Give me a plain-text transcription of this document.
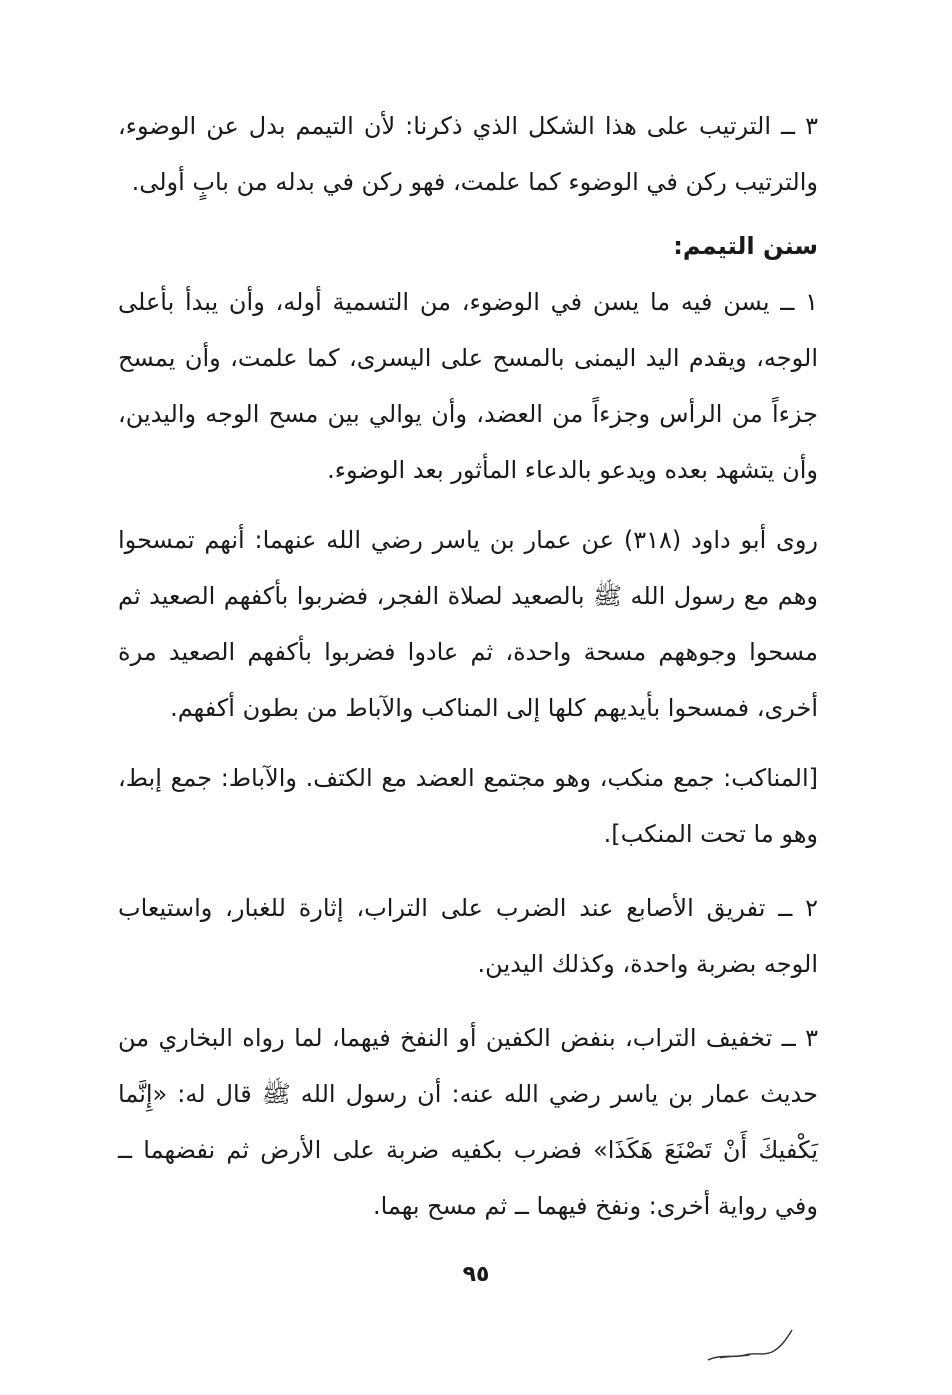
٣ ــ الترتيب على هذا الشكل الذي ذكرنا: لأن التيمم بدل عن الوضوء، والترتيب ركن في الوضوء كما علمت، فهو ركن في بدله من بابٍ أولى.

سنن التيمم:

١ ــ يسن فيه ما يسن في الوضوء، من التسمية أوله، وأن يبدأ بأعلى الوجه، ويقدم اليد اليمنى بالمسح على اليسرى، كما علمت، وأن يمسح جزءاً من الرأس وجزءاً من العضد، وأن يوالي بين مسح الوجه واليدين، وأن يتشهد بعده ويدعو بالدعاء المأثور بعد الوضوء.

روى أبو داود (٣١٨) عن عمار بن ياسر رضي الله عنهما: أنهم تمسحوا وهم مع رسول الله ﷺ بالصعيد لصلاة الفجر، فضربوا بأكفهم الصعيد ثم مسحوا وجوههم مسحة واحدة، ثم عادوا فضربوا بأكفهم الصعيد مرة أخرى، فمسحوا بأيديهم كلها إلى المناكب والآباط من بطون أكفهم.

[المناكب: جمع منكب، وهو مجتمع العضد مع الكتف. والآباط: جمع إبط، وهو ما تحت المنكب].

٢ ــ تفريق الأصابع عند الضرب على التراب، إثارة للغبار، واستيعاب الوجه بضربة واحدة، وكذلك اليدين.

٣ ــ تخفيف التراب، بنفض الكفين أو النفخ فيهما، لما رواه البخاري من حديث عمار بن ياسر رضي الله عنه: أن رسول الله ﷺ قال له: «إِنَّما يَكْفيكَ أَنْ تَصْنَعَ هَكَذَا» فضرب بكفيه ضربة على الأرض ثم نفضهما ــ وفي رواية أخرى: ونفخ فيهما ــ ثم مسح بهما.

٩٥
